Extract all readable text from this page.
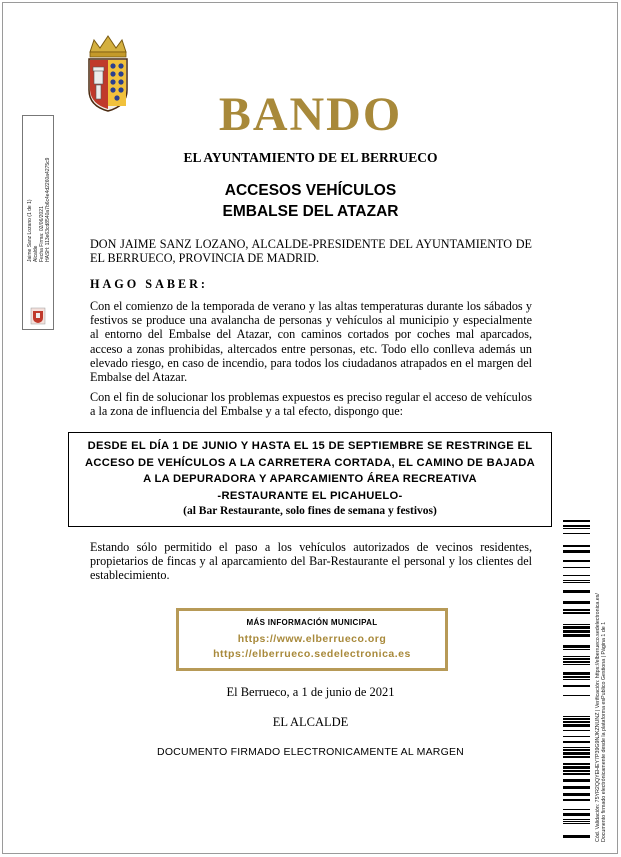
Jaime Sanz Lozano (1 de 1) Alcalde Fecha Firma: 02/06/2021 HASH: 113e63cd8540a7b6c4e4d2260a4275c9
BANDO
EL AYUNTAMIENTO DE EL BERRUECO
ACCESOS VEHÍCULOS
EMBALSE DEL ATAZAR

DON JAIME SANZ LOZANO, ALCALDE-PRESIDENTE DEL AYUNTAMIENTO DE EL BERRUECO, PROVINCIA DE MADRID.

HAGO SABER:

Con el comienzo de la temporada de verano y las altas temperaturas durante los sábados y festivos se produce una avalancha de personas y vehículos al municipio y especialmente al entorno del Embalse del Atazar, con caminos cortados por coches mal aparcados, acceso a zonas prohibidas, altercados entre personas, etc. Todo ello conlleva además un elevado riesgo, en caso de incendio, para todos los ciudadanos atrapados en el margen del Embalse del Atazar.

Con el fin de solucionar los problemas expuestos es preciso regular el acceso de vehículos a la zona de influencia del Embalse y a tal efecto, dispongo que:

DESDE EL DÍA 1 DE JUNIO Y HASTA EL 15 DE SEPTIEMBRE SE RESTRINGE EL
ACCESO DE VEHÍCULOS A LA CARRETERA CORTADA, EL CAMINO DE BAJADA
A LA DEPURADORA Y APARCAMIENTO ÁREA RECREATIVA
-RESTAURANTE EL PICAHUELO-
(al Bar Restaurante, solo fines de semana y festivos)

Estando sólo permitido el paso a los vehículos autorizados de vecinos residentes, propietarios de fincas y al aparcamiento del Bar-Restaurante el personal y los clientes del establecimiento.

MÁS INFORMACIÓN MUNICIPAL
https://www.elberrueco.org
https://elberrueco.sedelectronica.es
El Berrueco, a 1 de junio de 2021
EL ALCALDE
DOCUMENTO FIRMADO ELECTRONICAMENTE AL MARGEN	Cód. Validación: 75YR2QQYEHEY7P39G9NJKZNUNZ | Verificación: https://elberrueco.sedelectronica.es/ Documento firmado electrónicamente desde la plataforma esPublico Gestiona | Página 1 de 1
